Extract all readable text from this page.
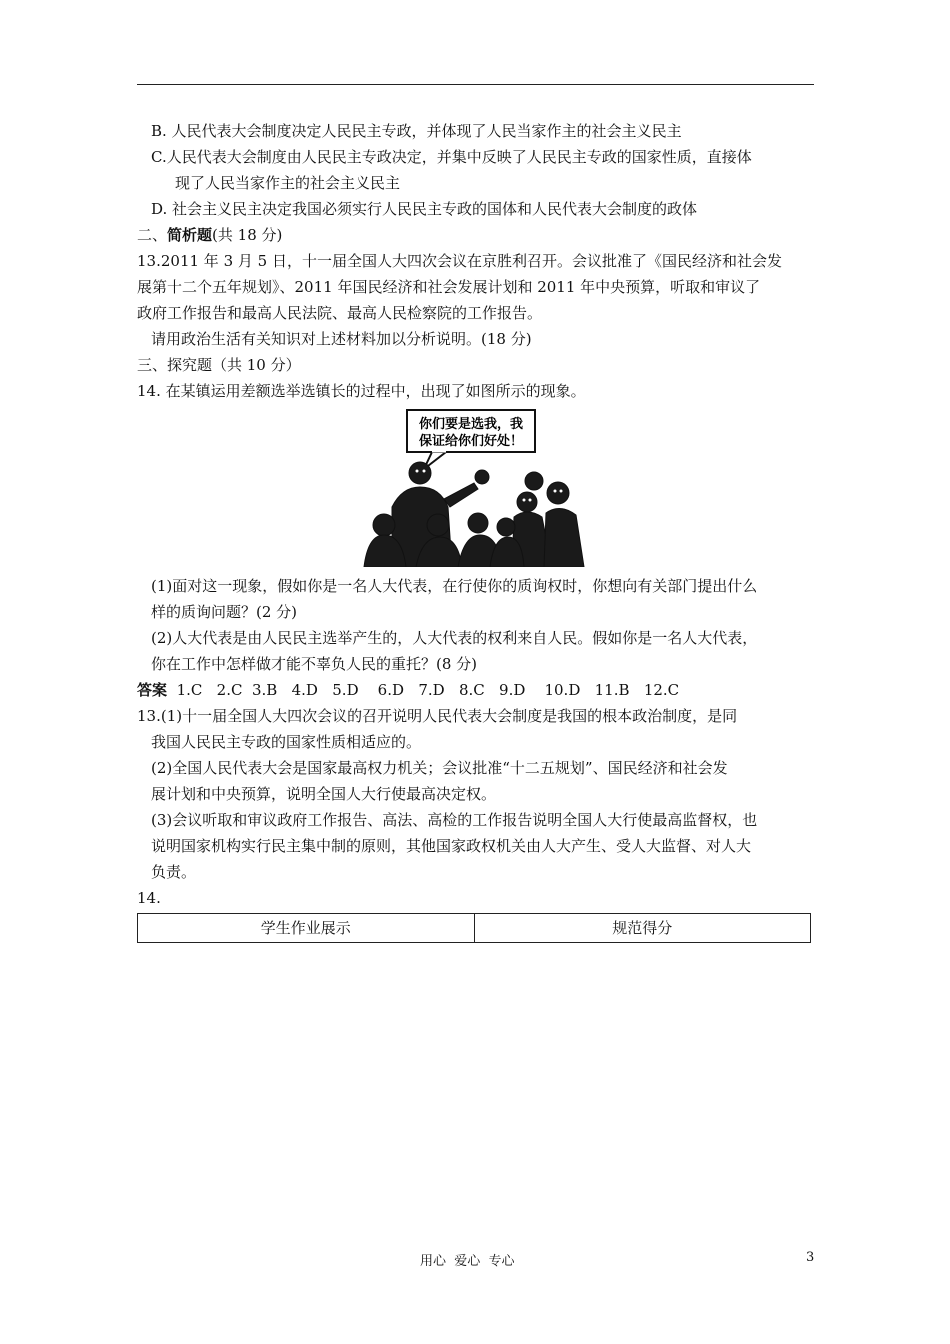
B. 人民代表大会制度决定人民民主专政，并体现了人民当家作主的社会主义民主
C.人民代表大会制度由人民民主专政决定，并集中反映了人民民主专政的国家性质，直接体
现了人民当家作主的社会主义民主
D. 社会主义民主决定我国必须实行人民民主专政的国体和人民代表大会制度的政体
二、简析题(共 18 分)
13.2011 年 3 月 5 日，十一届全国人大四次会议在京胜利召开。会议批准了《国民经济和社会发
展第十二个五年规划》、2011 年国民经济和社会发展计划和 2011 年中央预算，听取和审议了
政府工作报告和最高人民法院、最高人民检察院的工作报告。
请用政治生活有关知识对上述材料加以分析说明。(18 分)
三、探究题（共 10 分）
14. 在某镇运用差额选举选镇长的过程中，出现了如图所示的现象。
你们要是选我，我
保证给你们好处！
(1)面对这一现象，假如你是一名人大代表，在行使你的质询权时，你想向有关部门提出什么
样的质询问题？(2 分)
(2)人大代表是由人民民主选举产生的，人大代表的权利来自人民。假如你是一名人大代表，
你在工作中怎样做才能不辜负人民的重托？(8 分)
答案 1.C   2.C  3.B   4.D   5.D    6.D   7.D   8.C   9.D    10.D   11.B   12.C
13.(1)十一届全国人大四次会议的召开说明人民代表大会制度是我国的根本政治制度，是同
我国人民民主专政的国家性质相适应的。
(2)全国人民代表大会是国家最高权力机关；会议批准“十二五规划”、国民经济和社会发
展计划和中央预算，说明全国人大行使最高决定权。
(3)会议听取和审议政府工作报告、高法、高检的工作报告说明全国人大行使最高监督权，也
说明国家机构实行民主集中制的原则，其他国家政权机关由人大产生、受人大监督、对人大
负责。
14.
学生作业展示	规范得分
用心  爱心  专心	3
